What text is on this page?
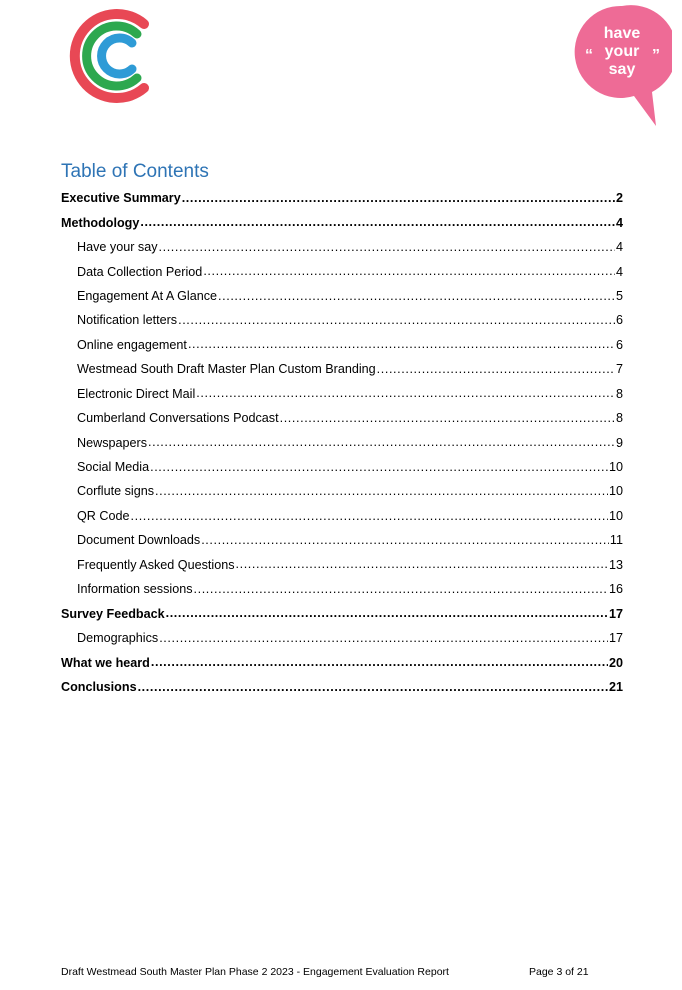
have
your
say
“	”
Table of Contents
Executive Summary .....	2
Methodology .....	4
Have your say .....	4
Data Collection Period .....	4
Engagement At A Glance .....	5
Notification letters .....	6
Online engagement .....	6
Westmead South Draft Master Plan Custom Branding .....	7
Electronic Direct Mail .....	8
Cumberland Conversations Podcast .....	8
Newspapers .....	9
Social Media .....	10
Corflute signs .....	10
QR Code .....	10
Document Downloads .....	11
Frequently Asked Questions .....	13
Information sessions .....	16
Survey Feedback .....	17
Demographics .....	17
What we heard .....	20
Conclusions .....	21
Draft Westmead South Master Plan Phase 2 2023 - Engagement Evaluation Report	Page 3 of 21
